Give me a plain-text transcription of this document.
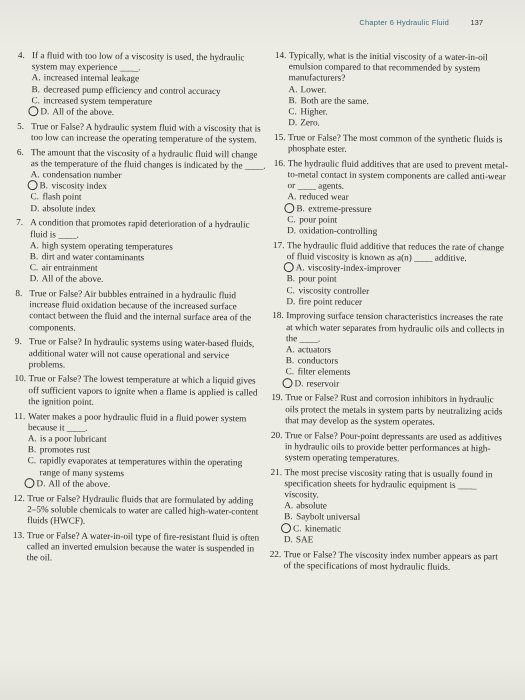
Chapter 6 Hydraulic Fluid	137
4. If a fluid with too low of a viscosity is used, the hydraulic system may experience ____.
A. increased internal leakage
B. decreased pump efficiency and control accuracy
C. increased system temperature
D. All of the above.
5. True or False? A hydraulic system fluid with a viscosity that is too low can increase the operating temperature of the system.
6. The amount that the viscosity of a hydraulic fluid will change as the temperature of the fluid changes is indicated by the ____.
A. condensation number
B. viscosity index
C. flash point
D. absolute index
7. A condition that promotes rapid deterioration of a hydraulic fluid is ____.
A. high system operating temperatures
B. dirt and water contaminants
C. air entrainment
D. All of the above.
8. True or False? Air bubbles entrained in a hydraulic fluid increase fluid oxidation because of the increased surface contact between the fluid and the internal surface area of the components.
9. True or False? In hydraulic systems using water-based fluids, additional water will not cause operational and service problems.
10. True or False? The lowest temperature at which a liquid gives off sufficient vapors to ignite when a flame is applied is called the ignition point.
11. Water makes a poor hydraulic fluid in a fluid power system because it ____.
A. is a poor lubricant
B. promotes rust
C. rapidly evaporates at temperatures within the operating range of many systems
D. All of the above.
12. True or False? Hydraulic fluids that are formulated by adding 2–5% soluble chemicals to water are called high-water-content fluids (HWCF).
13. True or False? A water-in-oil type of fire-resistant fluid is often called an inverted emulsion because the water is suspended in the oil.
14. Typically, what is the initial viscosity of a water-in-oil emulsion compared to that recommended by system manufacturers?
A. Lower.
B. Both are the same.
C. Higher.
D. Zero.
15. True or False? The most common of the synthetic fluids is phosphate ester.
16. The hydraulic fluid additives that are used to prevent metal-to-metal contact in system components are called anti-wear or ____ agents.
A. reduced wear
B. extreme-pressure
C. pour point
D. oxidation-controlling
17. The hydraulic fluid additive that reduces the rate of change of fluid viscosity is known as a(n) ____ additive.
A. viscosity-index-improver
B. pour point
C. viscosity controller
D. fire point reducer
18. Improving surface tension characteristics increases the rate at which water separates from hydraulic oils and collects in the ____.
A. actuators
B. conductors
C. filter elements
D. reservoir
19. True or False? Rust and corrosion inhibitors in hydraulic oils protect the metals in system parts by neutralizing acids that may develop as the system operates.
20. True or False? Pour-point depressants are used as additives in hydraulic oils to provide better performances at high-system operating temperatures.
21. The most precise viscosity rating that is usually found in specification sheets for hydraulic equipment is ____ viscosity.
A. absolute
B. Saybolt universal
C. kinematic
D. SAE
22. True or False? The viscosity index number appears as part of the specifications of most hydraulic fluids.
